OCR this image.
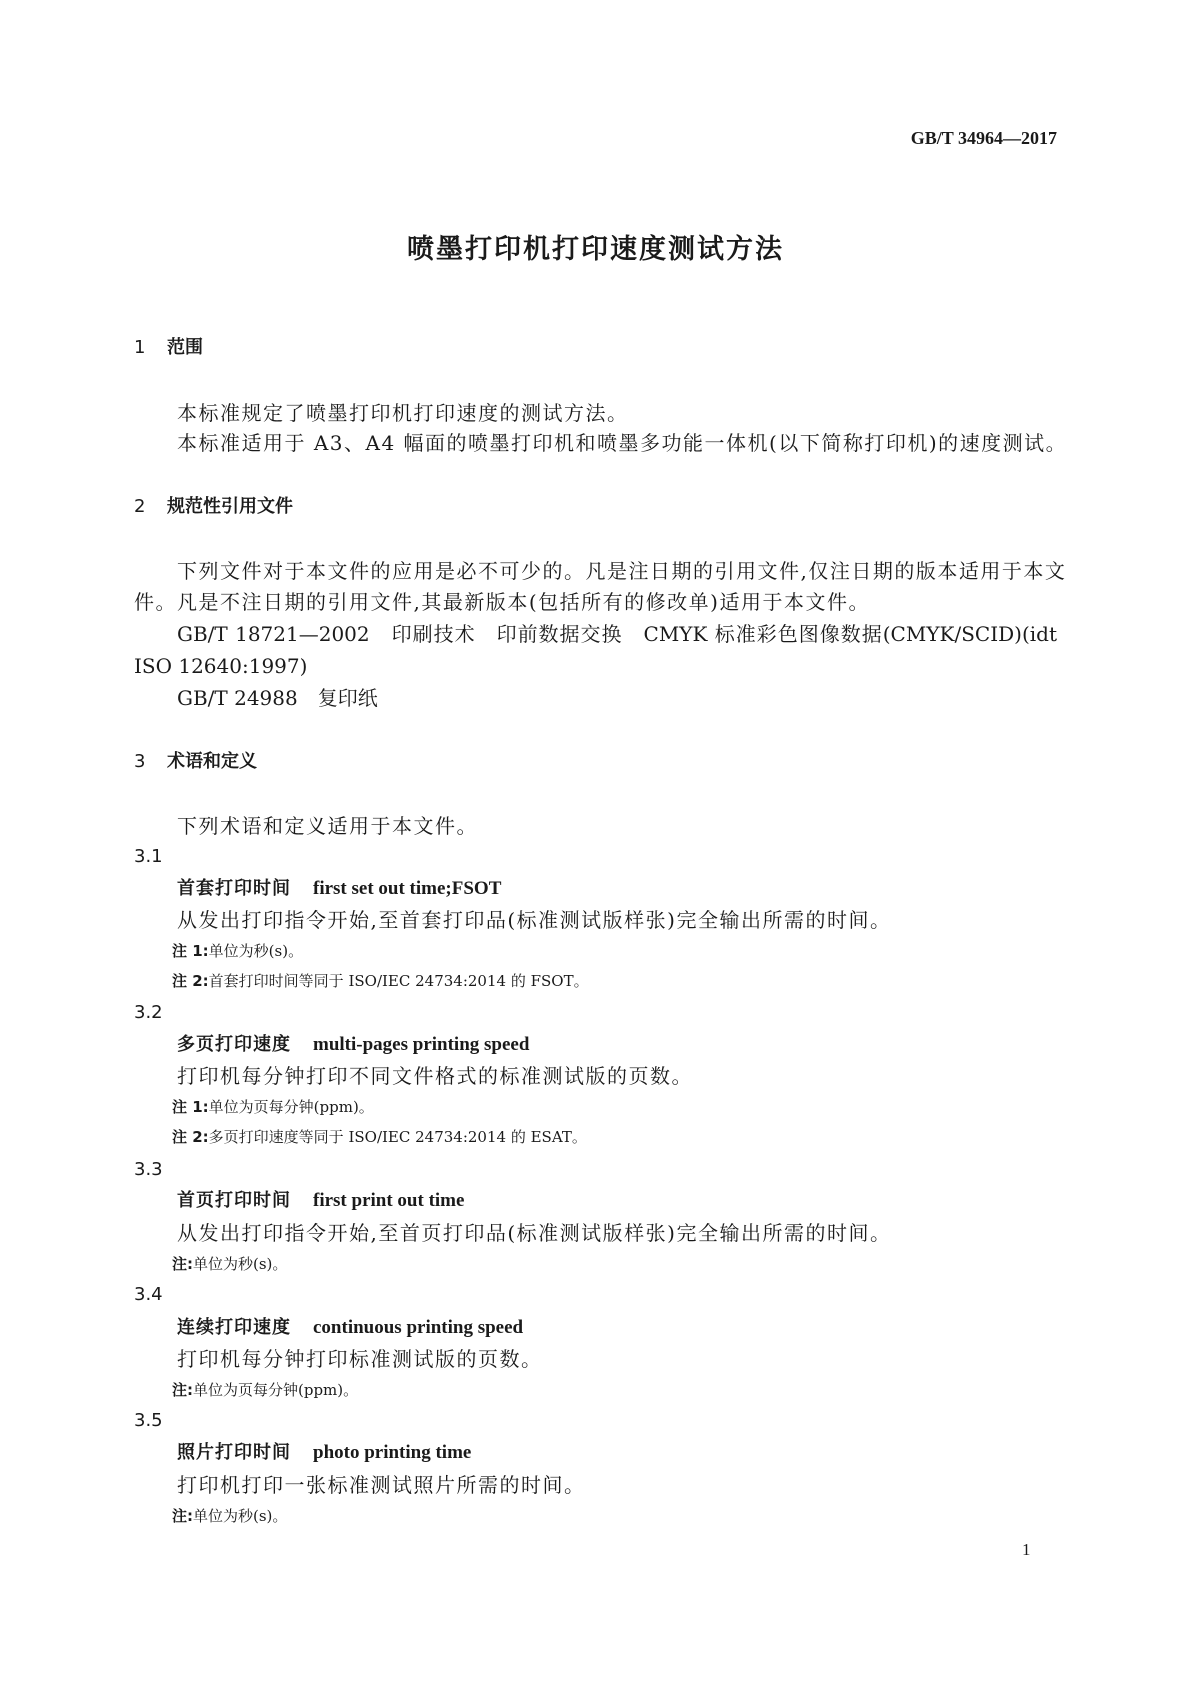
GB/T 34964—2017
喷墨打印机打印速度测试方法
1 范围
本标准规定了喷墨打印机打印速度的测试方法。
本标准适用于 A3、A4 幅面的喷墨打印机和喷墨多功能一体机(以下简称打印机)的速度测试。
2 规范性引用文件
下列文件对于本文件的应用是必不可少的。凡是注日期的引用文件,仅注日期的版本适用于本文
件。凡是不注日期的引用文件,其最新版本(包括所有的修改单)适用于本文件。
GB/T 18721—2002　印刷技术　印前数据交换　CMYK 标准彩色图像数据(CMYK/SCID)(idt
ISO 12640:1997)
GB/T 24988　复印纸
3 术语和定义
下列术语和定义适用于本文件。
3.1
首套打印时间 first set out time;FSOT
从发出打印指令开始,至首套打印品(标准测试版样张)完全输出所需的时间。
注 1:单位为秒(s)。
注 2:首套打印时间等同于 ISO/IEC 24734:2014 的 FSOT。
3.2
多页打印速度 multi-pages printing speed
打印机每分钟打印不同文件格式的标准测试版的页数。
注 1:单位为页每分钟(ppm)。
注 2:多页打印速度等同于 ISO/IEC 24734:2014 的 ESAT。
3.3
首页打印时间 first print out time
从发出打印指令开始,至首页打印品(标准测试版样张)完全输出所需的时间。
注:单位为秒(s)。
3.4
连续打印速度 continuous printing speed
打印机每分钟打印标准测试版的页数。
注:单位为页每分钟(ppm)。
3.5
照片打印时间 photo printing time
打印机打印一张标准测试照片所需的时间。
注:单位为秒(s)。
1
